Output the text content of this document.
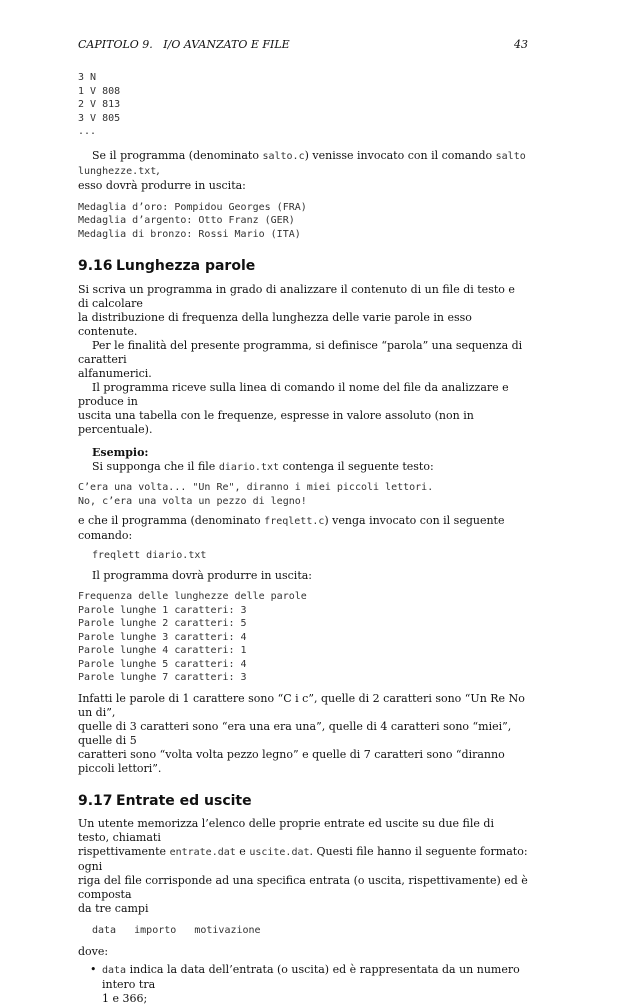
CAPITOLO 9.   I/O AVANZATO E FILE	43
3 N
1 V 808
2 V 813
3 V 805
...

Se il programma (denominato salto.c) venisse invocato con il comando salto lunghezze.txt,

esso dovrà produrre in uscita:

Medaglia d’oro: Pompidou Georges (FRA)
Medaglia d’argento: Otto Franz (GER)
Medaglia di bronzo: Rossi Mario (ITA)
9.16 Lunghezza parole

Si scriva un programma in grado di analizzare il contenuto di un file di testo e di calcolare

la distribuzione di frequenza della lunghezza delle varie parole in esso contenute.

Per le finalità del presente programma, si definisce “parola” una sequenza di caratteri

alfanumerici.

Il programma riceve sulla linea di comando il nome del file da analizzare e produce in

uscita una tabella con le frequenze, espresse in valore assoluto (non in percentuale).

Esempio:

Si supponga che il file diario.txt contenga il seguente testo:

C’era una volta... "Un Re", diranno i miei piccoli lettori.
No, c’era una volta un pezzo di legno!

e che il programma (denominato freqlett.c) venga invocato con il seguente comando:

freqlett diario.txt

Il programma dovrà produrre in uscita:

Frequenza delle lunghezze delle parole
Parole lunghe 1 caratteri: 3
Parole lunghe 2 caratteri: 5
Parole lunghe 3 caratteri: 4
Parole lunghe 4 caratteri: 1
Parole lunghe 5 caratteri: 4
Parole lunghe 7 caratteri: 3

Infatti le parole di 1 carattere sono “C i c”, quelle di 2 caratteri sono “Un Re No un di”,

quelle di 3 caratteri sono “era una era una”, quelle di 4 caratteri sono “miei”, quelle di 5

caratteri sono “volta volta pezzo legno” e quelle di 7 caratteri sono “diranno piccoli lettori”.

9.17 Entrate ed uscite

Un utente memorizza l’elenco delle proprie entrate ed uscite su due file di testo, chiamati

rispettivamente entrate.dat e uscite.dat. Questi file hanno il seguente formato: ogni

riga del file corrisponde ad una specifica entrata (o uscita, rispettivamente) ed è composta

da tre campi

data   importo   motivazione

dove:

• data indica la data dell’entrata (o uscita) ed è rappresentata da un numero intero tra
1 e 366;
